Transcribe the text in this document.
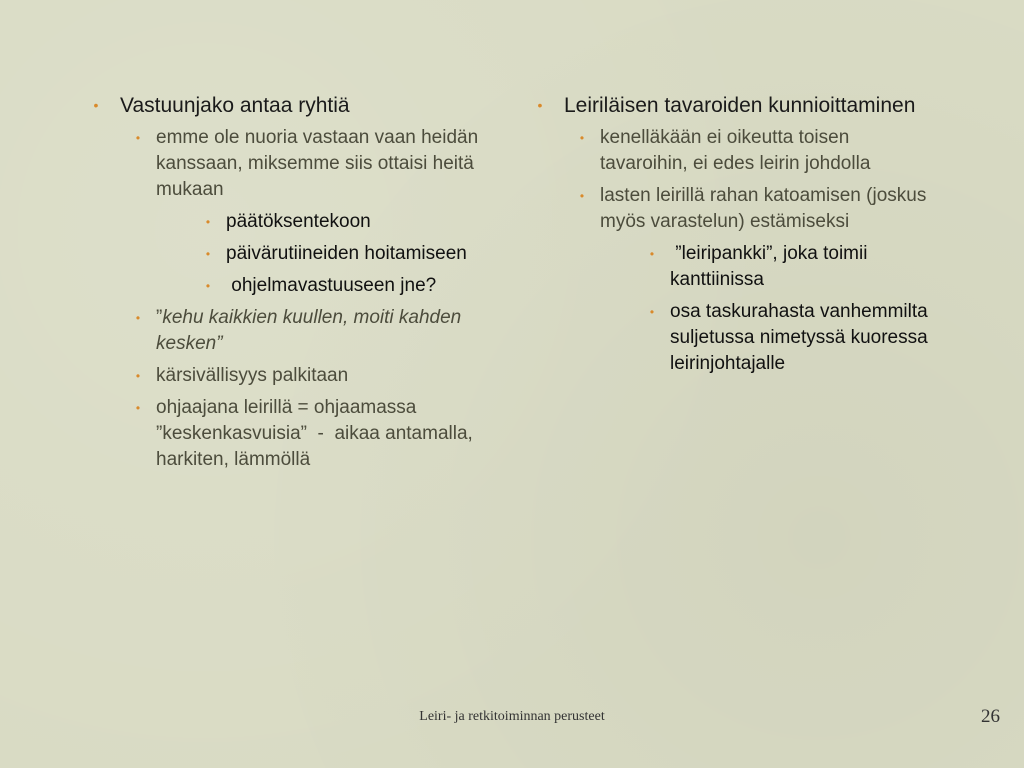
•	Vastuunjako antaa ryhtiä
• emme ole nuoria vastaan vaan heidän kanssaan, miksemme siis ottaisi heitä mukaan
• päätöksentekoon
• päivärutiineiden hoitamiseen
• ohjelmavastuuseen jne?
• ”kehu kaikkien kuullen, moiti kahden kesken”
• kärsivällisyys palkitaan
• ohjaajana leirillä = ohjaamassa ”keskenkasvuisia”  -  aikaa antamalla, harkiten, lämmöllä
•	Leiriläisen tavaroiden kunnioittaminen
• kenelläkään ei oikeutta toisen tavaroihin, ei edes leirin johdolla
• lasten leirillä rahan katoamisen (joskus myös varastelun) estämiseksi
• ”leiripankki”, joka toimii kanttiinissa
• osa taskurahasta vanhemmilta suljetussa nimetyssä kuoressa leirinjohtajalle
Leiri- ja retkitoiminnan perusteet	26
